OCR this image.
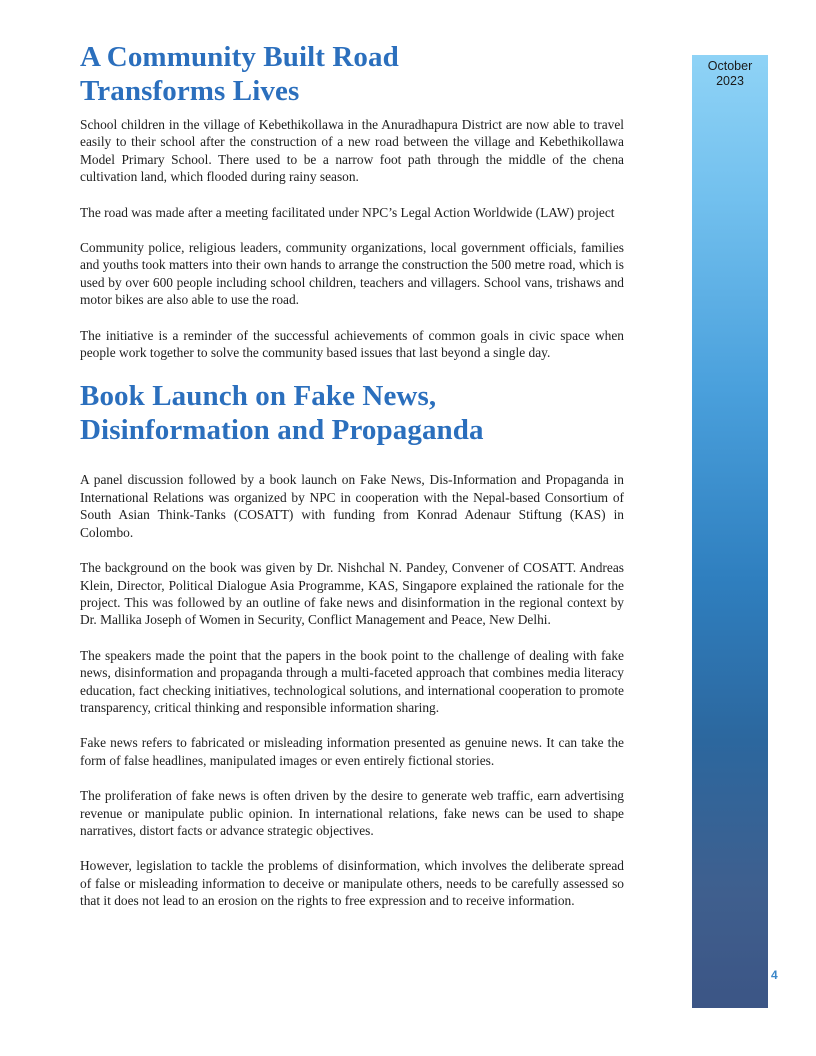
A Community Built Road
Transforms Lives

School children in the village of Kebethikollawa in the Anuradhapura District are now able to travel easily to their school after the construction of a new road between the village and Kebethikollawa Model Primary School. There used to be a narrow foot path through the middle of the chena cultivation land, which flooded during rainy season.

The road was made after a meeting facilitated under NPC’s Legal Action Worldwide (LAW) project

Community police, religious leaders, community organizations, local government officials, families and youths took matters into their own hands to arrange the construction the 500 metre road, which is used by over 600 people including school children, teachers and villagers. School vans, trishaws and motor bikes are also able to use the road.

The initiative is a reminder of the successful achievements of common goals in civic space when people work together to solve the community based issues that last beyond a single day.

Book Launch on Fake News,
Disinformation and Propaganda

A panel discussion followed by a book launch on Fake News, Dis-Information and Propaganda in International Relations was organized by NPC in cooperation with the Nepal-based Consortium of South Asian Think-Tanks (COSATT) with funding from Konrad Adenaur Stiftung (KAS) in Colombo.

The background on the book was given by Dr. Nishchal N. Pandey, Convener of COSATT. Andreas Klein, Director, Political Dialogue Asia Programme, KAS, Singapore explained the rationale for the project. This was followed by an outline of fake news and disinformation in the regional context by Dr. Mallika Joseph of Women in Security, Conflict Management and Peace, New Delhi.

The speakers made the point that the papers in the book point to the challenge of dealing with fake news, disinformation and propaganda through a multi-faceted approach that combines media literacy education, fact checking initiatives, technological solutions, and international cooperation to promote transparency, critical thinking and responsible information sharing.

Fake news refers to fabricated or misleading information presented as genuine news. It can take the form of false headlines, manipulated images or even entirely fictional stories.

The proliferation of fake news is often driven by the desire to generate web traffic, earn advertising revenue or manipulate public opinion. In international relations, fake news can be used to shape narratives, distort facts or advance strategic objectives.

However, legislation to tackle the problems of disinformation, which involves the deliberate spread of false or misleading information to deceive or manipulate others, needs to be carefully assessed so that it does not lead to an erosion on the rights to free expression and to receive information.

October
2023
4
